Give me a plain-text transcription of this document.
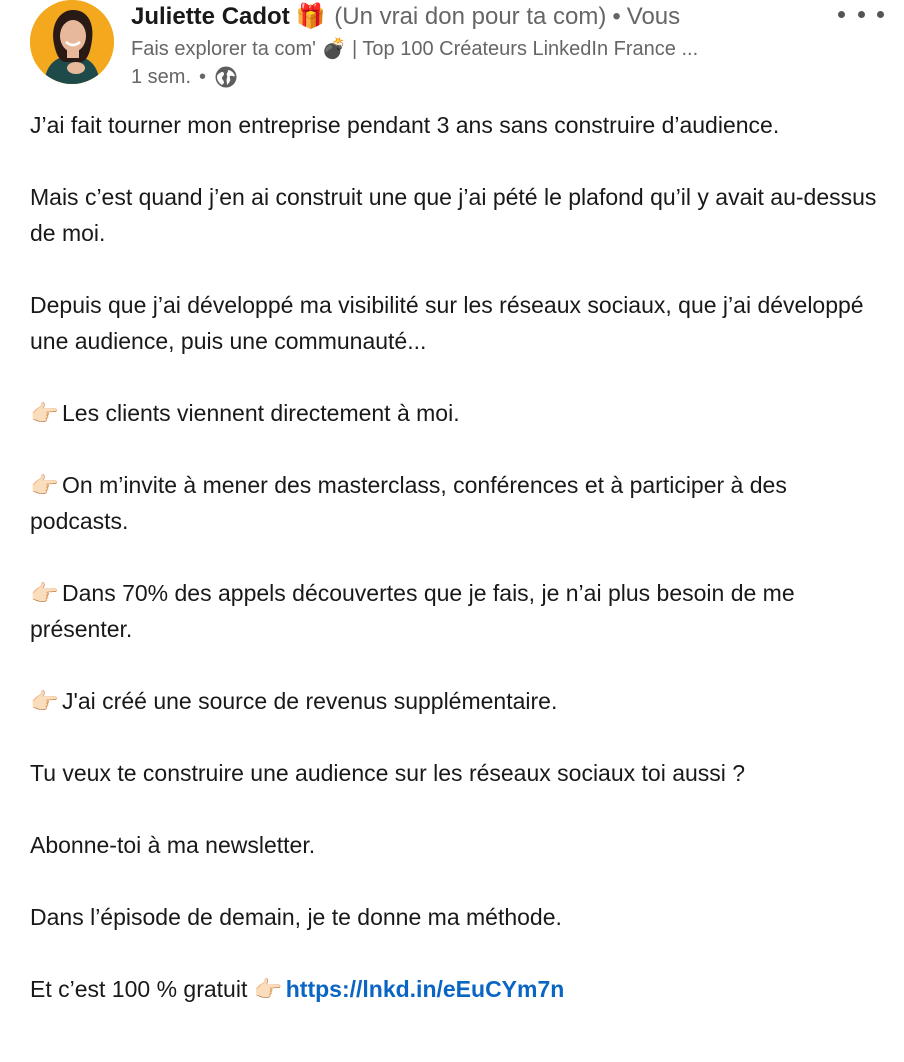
Juliette Cadot 🎁 (Un vrai don pour ta com) • Vous
Fais explorer ta com' 💣 | Top 100 Créateurs LinkedIn France ...
1 sem. •

J’ai fait tourner mon entreprise pendant 3 ans sans construire d’audience.

Mais c’est quand j’en ai construit une que j’ai pété le plafond qu’il y avait au-dessus de moi.

Depuis que j’ai développé ma visibilité sur les réseaux sociaux, que j’ai développé une audience, puis une communauté...

👉🏻 Les clients viennent directement à moi.

👉🏻 On m’invite à mener des masterclass, conférences et à participer à des podcasts.

👉🏻 Dans 70% des appels découvertes que je fais, je n’ai plus besoin de me présenter.

👉🏻 J'ai créé une source de revenus supplémentaire.

Tu veux te construire une audience sur les réseaux sociaux toi aussi ?

Abonne-toi à ma newsletter.

Dans l’épisode de demain, je te donne ma méthode.

Et c’est 100 % gratuit 👉🏻 https://lnkd.in/eEuCYm7n
